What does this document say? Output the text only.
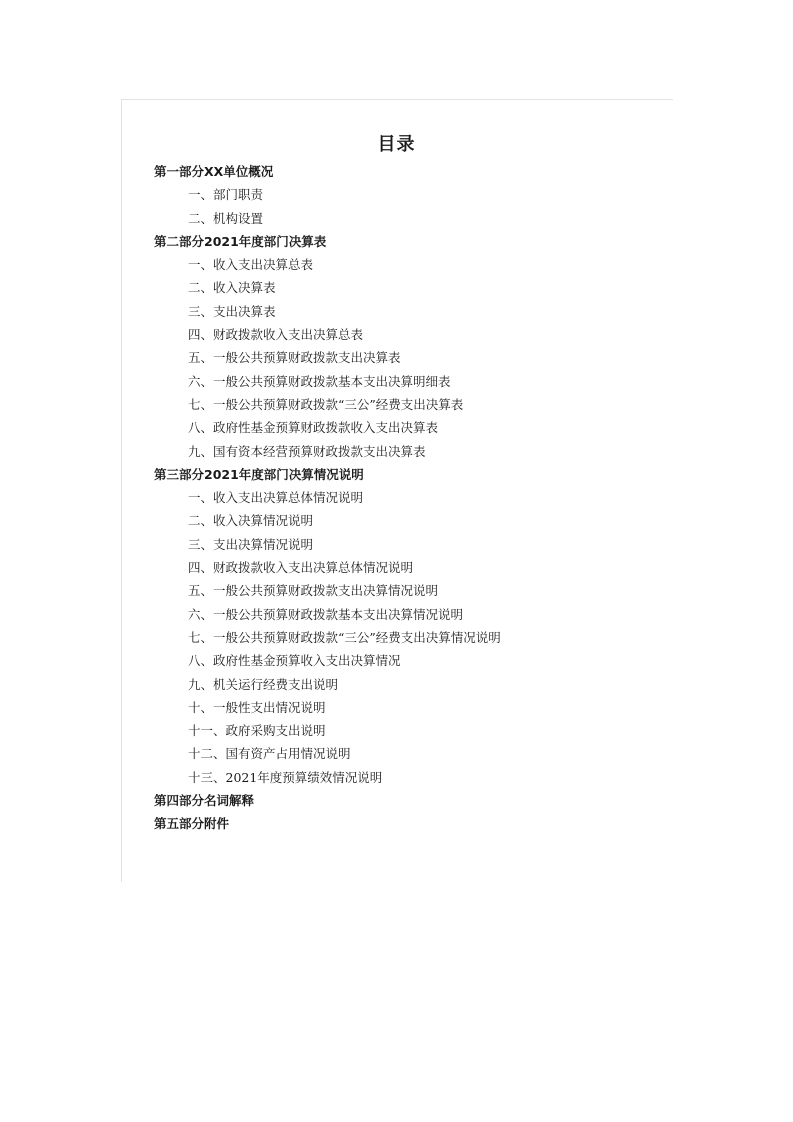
目录
第一部分XX单位概况
一、部门职责
二、机构设置
第二部分2021年度部门决算表
一、收入支出决算总表
二、收入决算表
三、支出决算表
四、财政拨款收入支出决算总表
五、一般公共预算财政拨款支出决算表
六、一般公共预算财政拨款基本支出决算明细表
七、一般公共预算财政拨款“三公”经费支出决算表
八、政府性基金预算财政拨款收入支出决算表
九、国有资本经营预算财政拨款支出决算表
第三部分2021年度部门决算情况说明
一、收入支出决算总体情况说明
二、收入决算情况说明
三、支出决算情况说明
四、财政拨款收入支出决算总体情况说明
五、一般公共预算财政拨款支出决算情况说明
六、一般公共预算财政拨款基本支出决算情况说明
七、一般公共预算财政拨款“三公”经费支出决算情况说明
八、政府性基金预算收入支出决算情况
九、机关运行经费支出说明
十、一般性支出情况说明
十一、政府采购支出说明
十二、国有资产占用情况说明
十三、2021年度预算绩效情况说明
第四部分名词解释
第五部分附件
